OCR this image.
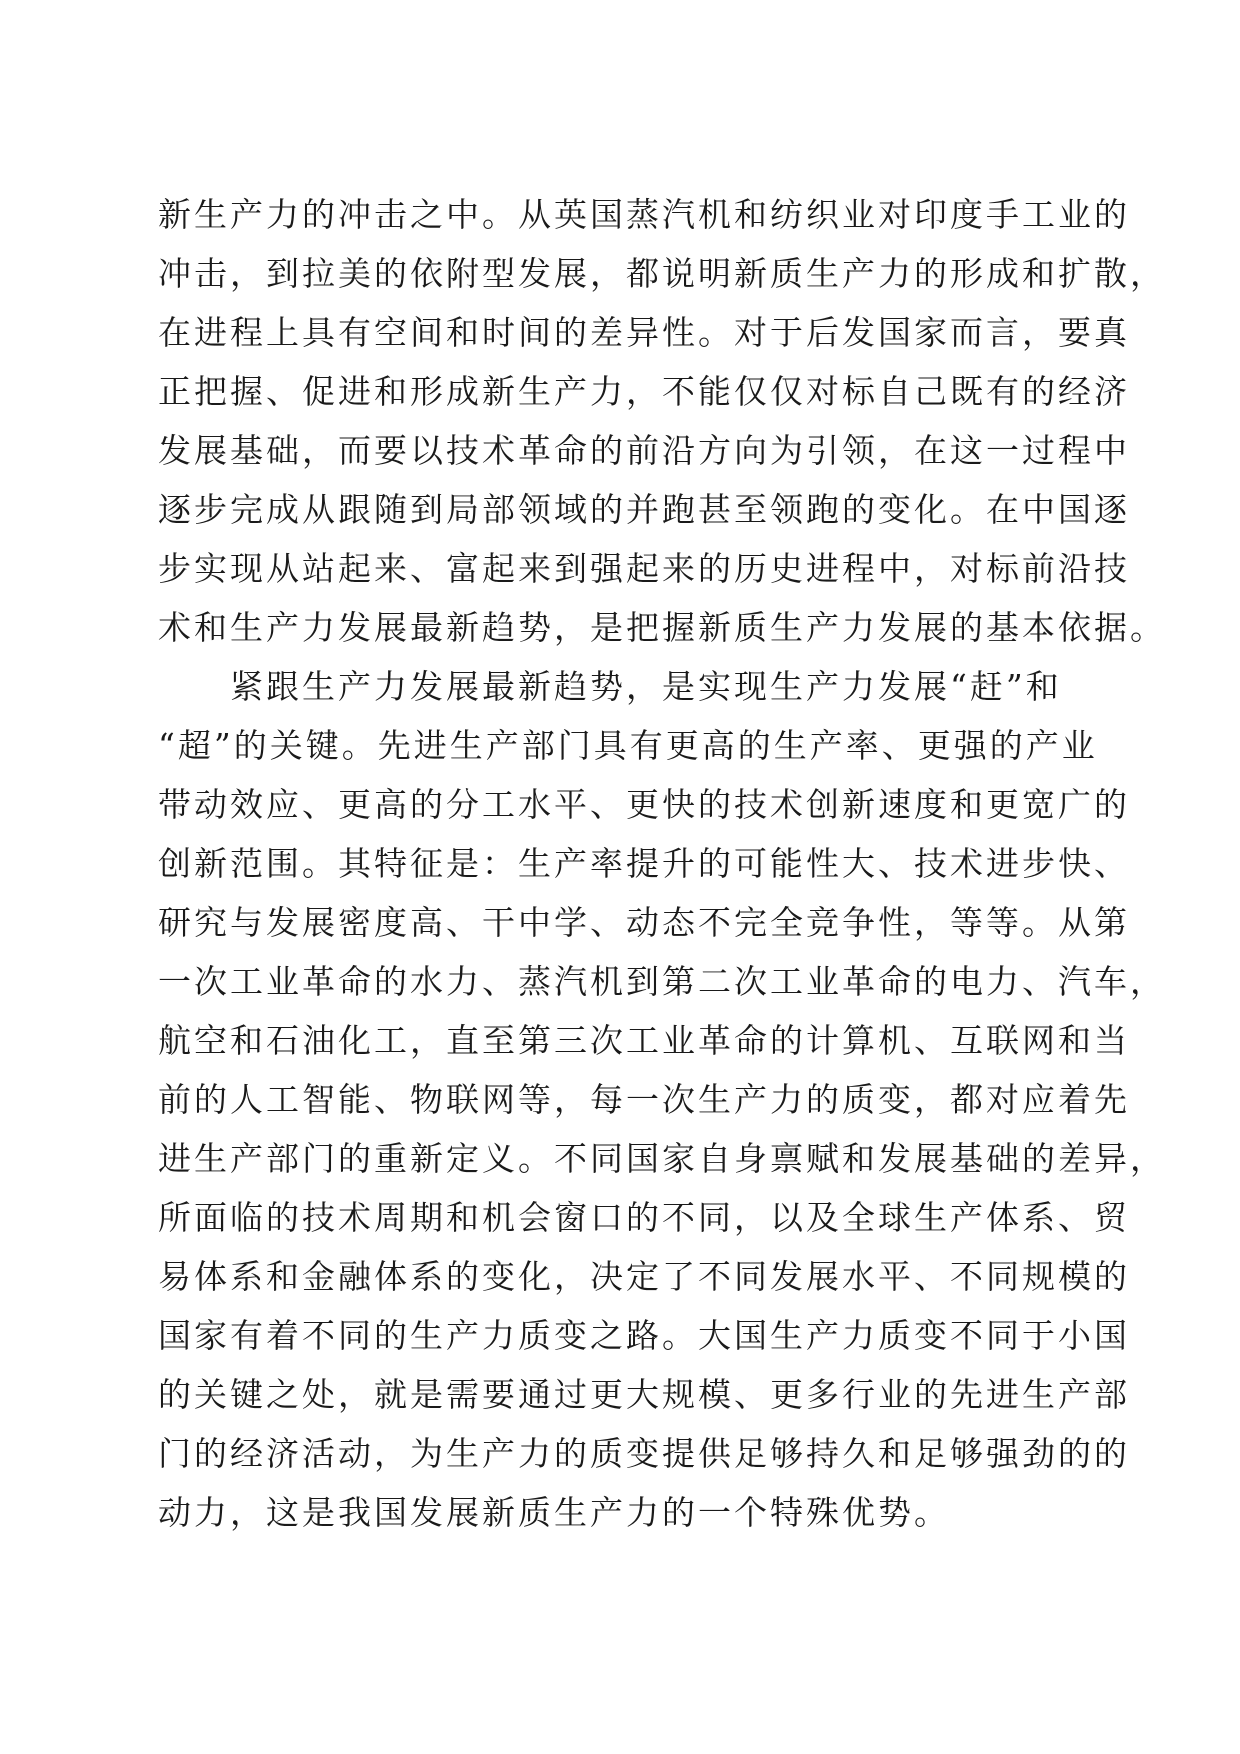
新生产力的冲击之中。从英国蒸汽机和纺织业对印度手工业的
冲击，到拉美的依附型发展，都说明新质生产力的形成和扩散，
在进程上具有空间和时间的差异性。对于后发国家而言，要真
正把握、促进和形成新生产力，不能仅仅对标自己既有的经济
发展基础，而要以技术革命的前沿方向为引领，在这一过程中
逐步完成从跟随到局部领域的并跑甚至领跑的变化。在中国逐
步实现从站起来、富起来到强起来的历史进程中，对标前沿技
术和生产力发展最新趋势，是把握新质生产力发展的基本依据。
　　紧跟生产力发展最新趋势，是实现生产力发展“赶”和
“超”的关键。先进生产部门具有更高的生产率、更强的产业
带动效应、更高的分工水平、更快的技术创新速度和更宽广的
创新范围。其特征是：生产率提升的可能性大、技术进步快、
研究与发展密度高、干中学、动态不完全竞争性，等等。从第
一次工业革命的水力、蒸汽机到第二次工业革命的电力、汽车，
航空和石油化工，直至第三次工业革命的计算机、互联网和当
前的人工智能、物联网等，每一次生产力的质变，都对应着先
进生产部门的重新定义。不同国家自身禀赋和发展基础的差异，
所面临的技术周期和机会窗口的不同，以及全球生产体系、贸
易体系和金融体系的变化，决定了不同发展水平、不同规模的
国家有着不同的生产力质变之路。大国生产力质变不同于小国
的关键之处，就是需要通过更大规模、更多行业的先进生产部
门的经济活动，为生产力的质变提供足够持久和足够强劲的的
动力，这是我国发展新质生产力的一个特殊优势。
